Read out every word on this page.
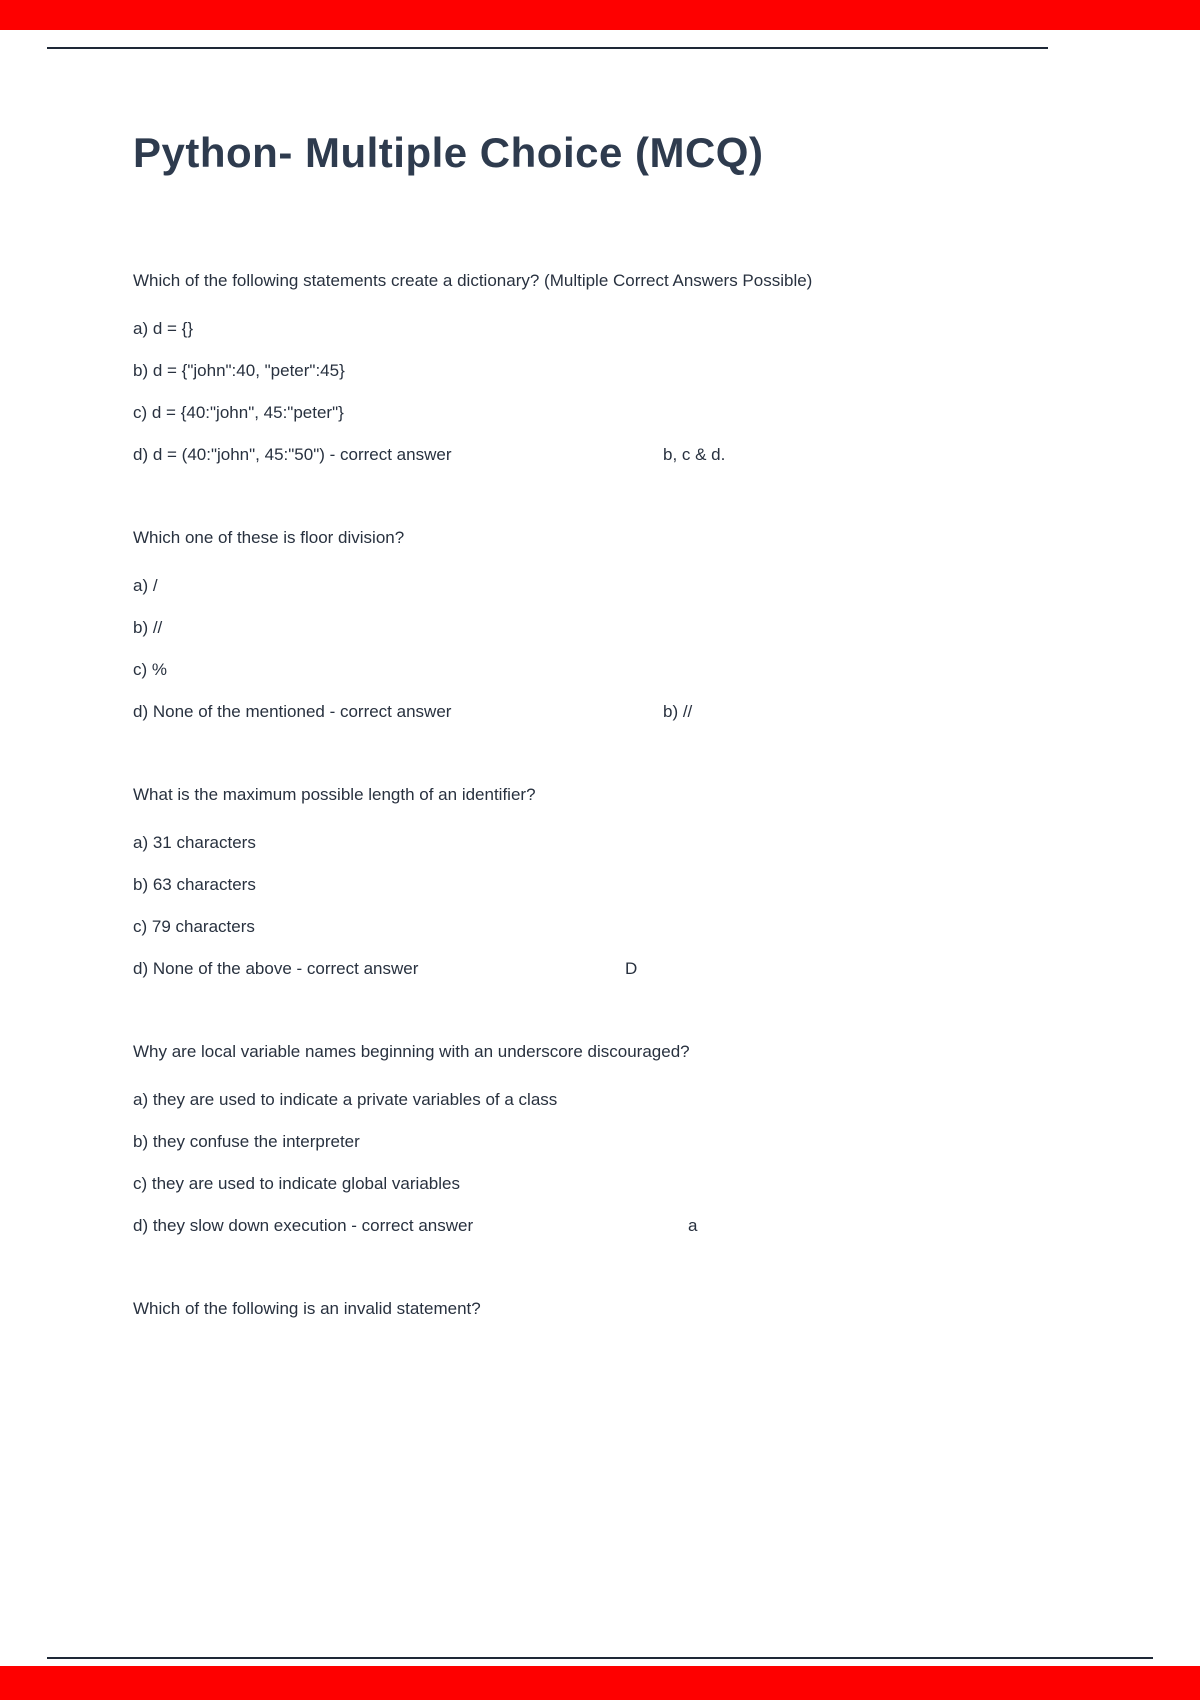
Python- Multiple Choice (MCQ)

Which of the following statements create a dictionary? (Multiple Correct Answers Possible)

a) d = {}

b) d = {"john":40, "peter":45}

c) d = {40:"john", 45:"peter"}

d) d = (40:"john", 45:"50") - correct answer	b, c & d.

Which one of these is floor division?

a) /

b) //

c) %

d) None of the mentioned - correct answer	b) //

What is the maximum possible length of an identifier?

a) 31 characters

b) 63 characters

c) 79 characters

d) None of the above - correct answer	D

Why are local variable names beginning with an underscore discouraged?

a) they are used to indicate a private variables of a class

b) they confuse the interpreter

c) they are used to indicate global variables

d) they slow down execution - correct answer	a

Which of the following is an invalid statement?
